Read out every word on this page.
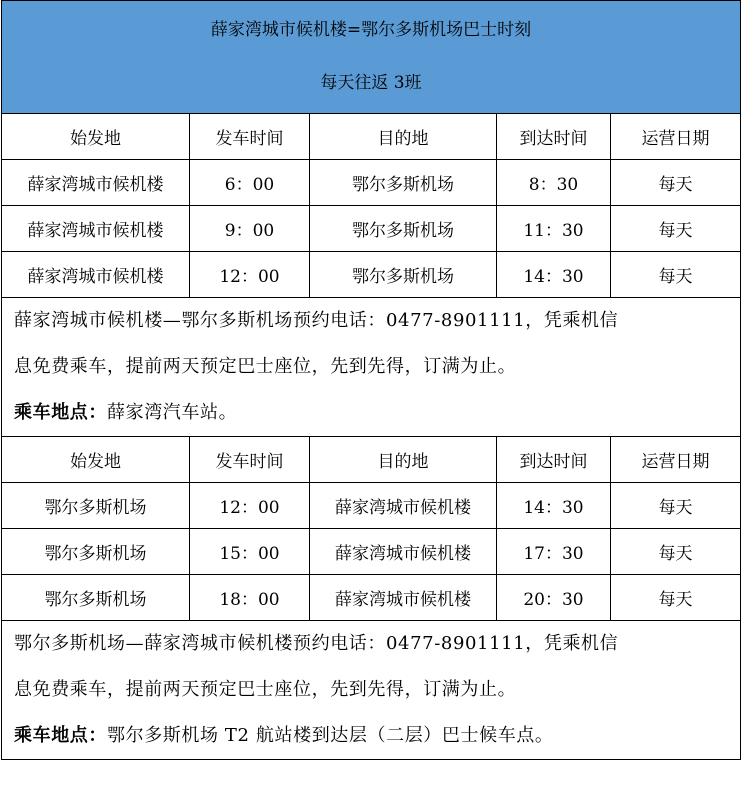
薛家湾城市候机楼=鄂尔多斯机场巴士时刻
每天往返 3班				

始发地	发车时间	目的地	到达时间	运营日期
薛家湾城市候机楼	6：00	鄂尔多斯机场	8：30	每天
薛家湾城市候机楼	9：00	鄂尔多斯机场	11：30	每天
薛家湾城市候机楼	12：00	鄂尔多斯机场	14：30	每天

薛家湾城市候机楼—鄂尔多斯机场预约电话：0477-8901111，凭乘机信

息免费乘车，提前两天预定巴士座位，先到先得，订满为止。

乘车地点：薛家湾汽车站。				

始发地	发车时间	目的地	到达时间	运营日期
鄂尔多斯机场	12：00	薛家湾城市候机楼	14：30	每天
鄂尔多斯机场	15：00	薛家湾城市候机楼	17：30	每天
鄂尔多斯机场	18：00	薛家湾城市候机楼	20：30	每天

鄂尔多斯机场—薛家湾城市候机楼预约电话：0477-8901111，凭乘机信

息免费乘车，提前两天预定巴士座位，先到先得，订满为止。

乘车地点：鄂尔多斯机场 T2 航站楼到达层（二层）巴士候车点。				
